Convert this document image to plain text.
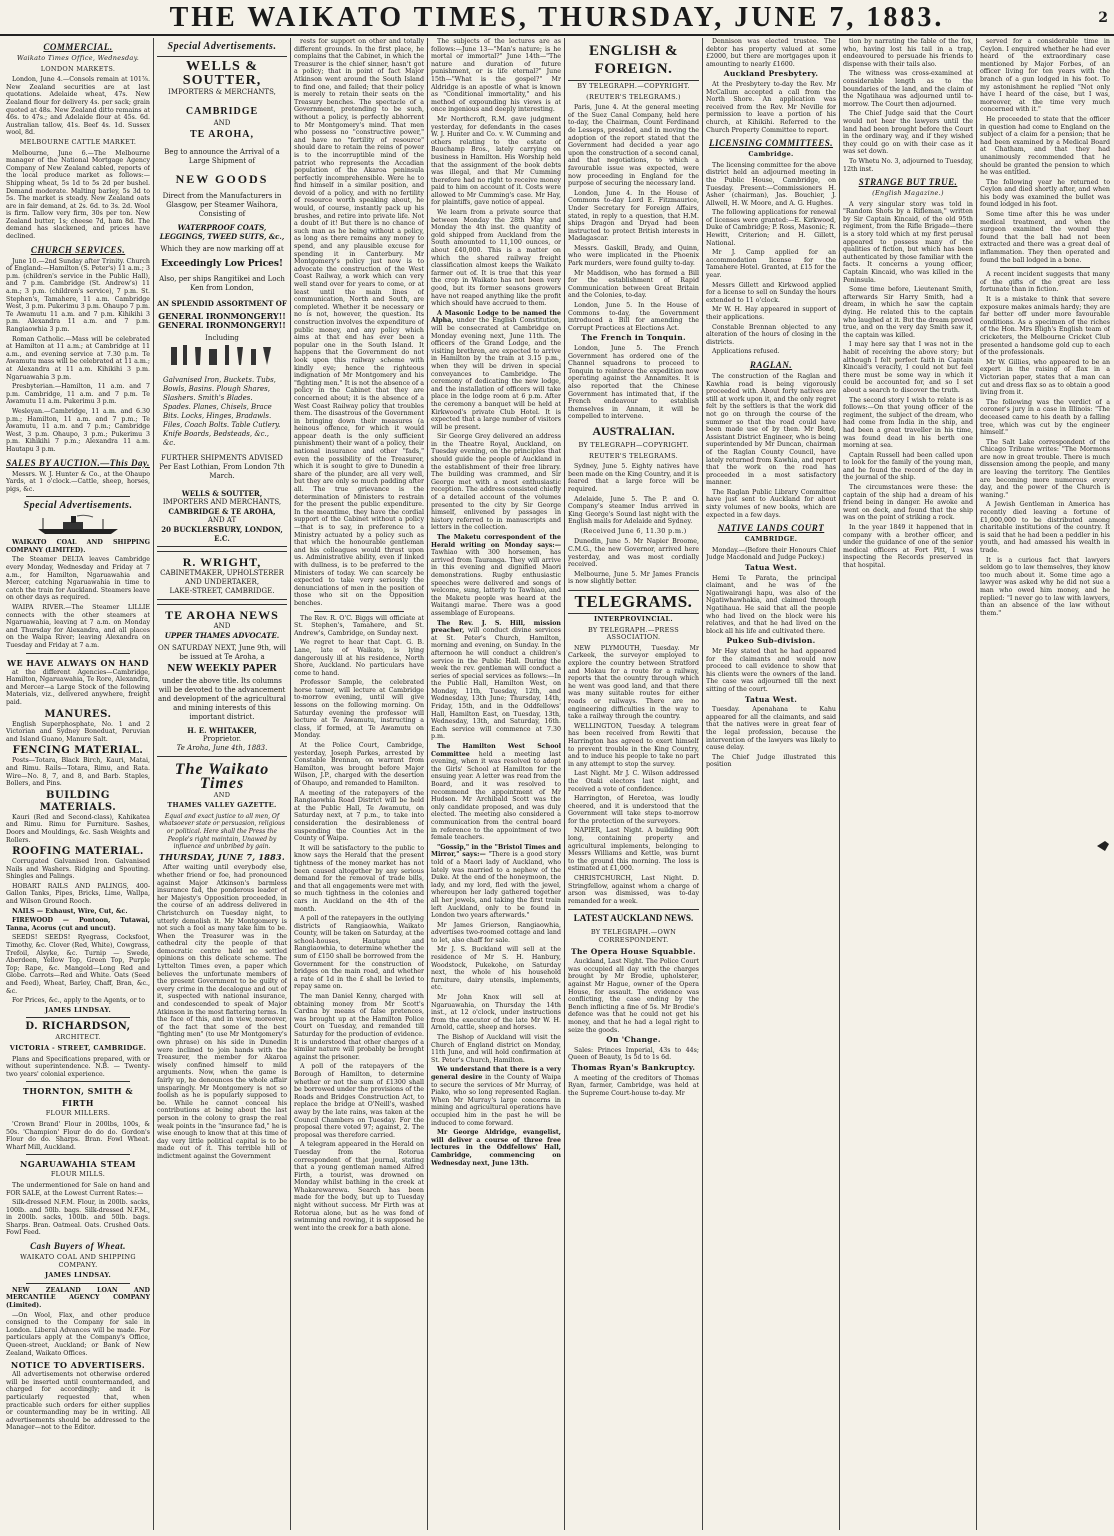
THE WAIKATO TIMES, THURSDAY, JUNE 7, 1883.	2
COMMERCIAL.
Waikato Times Office, Wednesday.
LONDON MARKETS.

London, June 4.—Consols remain at 101⅞. New Zealand securities are at last quotations. Adelaide wheat, 47s. New Zealand flour for delivery 4s. per sack; grain quoted at 48s. New Zealand ditto remains at 46s. to 47s.; and Adelaide flour at 45s. 6d. Australian tallow, 41s. Beef 4s. 1d. Sussex wool, 8d.

MELBOURNE CATTLE MARKET.

Melbourne, June 6.—The Melbourne manager of the National Mortgage Agency Company of New Zealand cabled, reports of the local produce market as follows:—Shipping wheat, 5s 1d to 5s 2d per bushel. Demand moderate. Malting barley, 5s 3d to 5s. The market is steady. New Zealand oats are in fair demand, at 2s. 6d. to 3s. 2d. Wool is firm. Tallow very firm, 30s per ton. New Zealand butter, 1s; cheese 7d, ham 8d. The demand has slackened, and prices have declined.

CHURCH SERVICES.

June 10.—2nd Sunday after Trinity. Church of England:—Hamilton (S. Peter's) 11 a.m.; 3 p.m. (children's service in the Public Hall), and 7 p.m. Cambridge (St. Andrew's) 11 a.m.; 3 p.m. (children's service), 7 p.m. St. Stephen's, Tamahere, 11 a.m. Cambridge West, 3 p.m. Pukerimu 3 p.m. Ohaupo 7 p.m. Te Awamutu 11 a.m. and 7 p.m. Kihikihi 3 p.m. Alexandra 11 a.m. and 7 p.m. Rangiaowhia 3 p.m.

Roman Catholic.—Mass will be celebrated at Hamilton at 11 a.m.; at Cambridge at 11 a.m., and evening service at 7.30 p.m. Te Awamutu mass will be celebrated at 11 a.m.; at Alexandra at 11 a.m. Kihikihi 3 p.m. Ngaruawahia 3 p.m.

Presbyterian.—Hamilton, 11 a.m. and 7 p.m. Cambridge, 11 a.m. and 7 p.m. Te Awamutu 11 a.m. Pukerimu 3 p.m.

Wesleyan.—Cambridge, 11 a.m. and 6.30 p.m.; Hamilton, 11 a.m. and 7 p.m.; Te Awamutu, 11 a.m. and 7 p.m.; Cambridge West, 3 p.m. Ohaupo, 3 p.m.; Pukerimu 3 p.m. Kihikihi 7 p.m.; Alexandra 11 a.m. Hautapu 3 p.m.

SALES BY AUCTION.—This Day.

Messrs. W. J. Hunter & Co., at the Ohaupo Yards, at 1 o'clock.—Cattle, sheep, horses, pigs, &c.

Special Advertisements.

WAIKATO COAL AND SHIPPING COMPANY (LIMITED).

The Steamer DELTA leaves Cambridge every Monday, Wednesday and Friday at 7 a.m., for Hamilton, Ngaruawahia and Mercer, catching Ngaruawahia in time to catch the train for Auckland. Steamers leave on other days as required.

WAIPA RIVER.—The Steamer LILLIE connects with the other steamers at Ngaruawahia, leaving at 7 a.m. on Monday and Thursday for Alexandra, and all places on the Waipa River; leaving Alexandra on Tuesday and Friday at 7 a.m.

WE HAVE ALWAYS ON HAND

at the different Agencies—Cambridge, Hamilton, Ngaruawahia, Te Rore, Alexandra, and Mercer—a Large Stock of the following Materials, viz., delivered anywhere, freight paid.

MANURES.

English Superphosphate, No. 1 and 2 Victorian and Sydney Boneduat, Peruvian and Island Guano, Manure Salt.

FENCING MATERIAL.

Posts—Totara, Black Birch, Kauri, Matai, and Rimu. Rails—Totara, Rimu, and Rata. Wire—No. 8, 7, and 8, and Barb. Staples, Bollers, and Pins.

BUILDING MATERIALS.

Kauri (Red and Second-class), Kahikatea and Rimu. Rimu for Furniture. Sashes, Doors and Mouldings, &c. Sash Weights and Rollers.

ROOFING MATERIAL.

Corrugated Galvanised Iron. Galvanised Nails and Washers. Ridging and Spouting. Shingles and Palings.

HOBART RAILS AND PALINGS, 400-Gallon Tanks, Pipes, Bricks, Lime, Wallpa, and Wilson Ground Rooch.

NAILS — Exhaust, Wire, Cut, &c.

FIREWOOD — Pontoon, Tutawai, Tanna, Acorus (cut and uncut).

SEEDS! SEEDS! Ryegrass, Cocksfoot, Timothy, &c. Clover (Red, White), Cowgrass, Trefoil, Alsyke, &c. Turnip — Swede, Aberdeen, Yellow Top, Green Top, Purple Top; Rape, &c. Mangold—Long Red and Globe. Carrots—Red and White. Oats (Seed and Feed), Wheat, Barley, Chaff, Bran, &c., &c.

For Prices, &c., apply to the Agents, or to

JAMES LINDSAY.
D. RICHARDSON,
ARCHITECT.
VICTORIA - STREET, CAMBRIDGE.

Plans and Specifications prepared, with or without superintendence. N.B. — Twenty-two years' colonial experience.

THORNTON, SMITH & FIRTH
FLOUR MILLERS.

'Crown Brand' Flour in 200lbs, 100s, & 50s. 'Champion' Flour do do do. Gordon's Flour do do. Sharps. Bran. Fowl Wheat. Wharf Mill, Auckland.

NGARUAWAHIA STEAM
FLOUR MILLS.

The undermentioned for Sale on hand and FOR SALE, at the Lowest Current Rates:—

Silk-dressed N.F.M. Flour, in 200lb. sacks, 100lb. and 50lb. bags. Silk-dressed N.F.M., in 200lb. sacks, 100lb. and 50lb. bags. Sharps. Bran. Oatmeal. Oats. Crushed Oats. Fowl Feed.

Cash Buyers of Wheat.
WAIKATO COAL AND SHIPPING COMPANY.
JAMES LINDSAY.

NEW ZEALAND LOAN AND MERCANTILE AGENCY COMPANY (Limited).

—On Wool, Flax, and other produce consigned to the Company for sale in London. Liberal Advances will be made. For particulars apply at the Company's Office, Queen-street, Auckland; or Bank of New Zealand, Waikato Offices.

NOTICE TO ADVERTISERS.

All advertisements not otherwise ordered will be inserted until countermanded, and charged for accordingly; and it is particularly requested that, when practicable such orders for either supplies or countermanding may be in writing. All advertisements should be addressed to the Manager—not to the Editor.

Special Advertisements.
WELLS & SOUTTER,
IMPORTERS & MERCHANTS,
CAMBRIDGE
AND
TE AROHA,
Beg to announce the Arrival of a Large Shipment of
NEW GOODS
Direct from the Manufacturers in Glasgow, per Steamer Waihora, Consisting of
WATERPROOF COATS, LEGGINGS, TWEED SUITS, &c.,
Which they are now marking off at
Exceedingly Low Prices!
Also, per ships Rangitikei and Loch Ken from London,
AN SPLENDID ASSORTMENT OF
GENERAL IRONMONGERY!! GENERAL IRONMONGERY!!
Including
Galvanised Iron, Buckets. Tubs, Bowls, Basins. Plough Shares, Slashers. Smith's Blades. Spades. Planes, Chisels, Brace Bits. Locks, Hinges, Bradawls. Files, Coach Bolts. Table Cutlery. Knife Boards, Bedsteads, &c., &c.
FURTHER SHIPMENTS ADVISED Per East Lothian, From London 7th March.
WELLS & SOUTTER,
IMPORTERS AND MERCHANTS,
CAMBRIDGE & TE AROHA,
AND AT
20 BUCKLERSBURY, LONDON, E.C.
R. WRIGHT,
CABINETMAKER, UPHOLSTERER AND UNDERTAKER,
LAKE-STREET, CAMBRIDGE.
TE AROHA NEWS
AND
UPPER THAMES ADVOCATE.
ON SATURDAY NEXT, June 9th, will be issued at Te Aroha, a
NEW WEEKLY PAPER
under the above title. Its columns will be devoted to the advancement and development of the agricultural and mining interests of this important district.
H. E. WHITAKER,
Proprietor.
Te Aroha, June 4th, 1883.
The Waikato Times
AND
THAMES VALLEY GAZETTE.

Equal and exact justice to all men, Of whatsoever state or persuasion, religious or political. Here shall the Press the People's right maintain, Unawed by influence and unbribed by gain.

THURSDAY, JUNE 7, 1883.

After waiting until everybody else, whether friend or foe, had pronounced against Major Atkinson's barmless insurance fad, the ponderous leader of her Majesty's Opposition proceeded, in the course of an address delivered in Christchurch on Tuesday night, to utterly demolish it. Mr Montgomery is not such a fool as many take him to be. When the Treasurer was in the cathedral city the people of that democratic centre held no settled opinions on this delicate scheme. The Lyttelton Times even, a paper which believes the unfortunate members of the present Government to be guilty of every crime in the decalogue and out of it, suspected with national insurance, and condescended to speak of Major Atkinson in the most flattering terms. In the face of this, and in view, moreover, of the fact that some of the best "fighting men" (to use Mr Montgomery's own phrase) on his side in Dunedin were inclined to join hands with the Treasurer, the member for Akaroa wisely confined himself to mild arguments. Now, when the game is fairly up, he denounces the whole affair unsparingly. Mr Montgomery is not so foolish as he is popularly supposed to be. While he cannot conceal his contributions at being about the last person in the colony to grasp the real weak points in the "insurance fad," he is wise enough to know that at this time of day very little political capital is to be made out of it. This terrible hill of indictment against the Government

rests for support on other and totally different grounds. In the first place, he complains that the Cabinet, in which the Treasurer is the chief sinner, hasn't got a policy; that in point of fact Major Atkinson went around the South Island to find one, and failed; that their policy is merely to retain their seats on the Treasury benches. The spectacle of a Government, pretending to be such, without a policy, is perfectly abhorrent to Mr Montgomery's mind. That men who possess no "constructive power," and have no "fertility of resource" should dare to retain the reins of power is to the incorruptible mind of the patriot who represents the Accadian population of the Akaroa peninsula perfectly incomprehensible. Were he to find himself in a similar position, and devoid of a policy, and with no fertility of resource worth speaking about, he would, of course, instantly pack up his brushes, and retire into private life. Not a doubt of it! But there is no chance of such man as he being without a policy, as long as there remains any money to spend, and any plausible excuse for spending it in Canterbury. Mr Montgomery's policy just now is to advocate the construction of the West Coast Railway, a work which can very well stand over for years to come, or at least until the main lines of communication, North and South, are completed. Whether it be necessary or no is not, however, the question. Its construction involves the expenditure of public money, and any policy which aims at that end has ever been a popular one in the South Island. It happens that the Government do not look upon this railway scheme with kindly eye; hence the righteous indignation of Mr Montgomery and his "fighting men." It is not the absence of a policy in the Cabinet that they are concerned about; it is the absence of a West Coast Railway policy that troubles them. The disastrous of the Government in bringing down their measures (a heinous offence, for which it would appear death is the only sufficient punishment) their want of a policy, their national insurance and other "fads," even the possibility of the Treasurer, which it is sought to give to Dunedin a share of the plunder, are all very well, but they are only so much padding after all. The true grievance is the determination of Ministers to restrain for the present the public expenditure. In the meantime, they have the cordial support of the Cabinet without a policy—that is to say, in preference to a Ministry actuated by a policy such as that which the honourable gentleman and his colleagues would thrust upon us. Administrative ability, even if linked with dullness, is to be preferred to the Ministers of today. We can scarcely be expected to take very seriously the denunciations of men in the position of those who sit on the Opposition benches.

The Rev. R. O'C. Biggs will officiate at St. Stephen's, Tamahere, and St. Andrew's, Cambridge, on Sunday next.

We regret to hear that Capt. G. B. Lane, late of Waikato, is lying dangerously ill at his residence, North Shore, Auckland. No particulars have come to hand.

Professor Sample, the celebrated horse tamer, will lecture at Cambridge to-morrow evening, until will give lessons on the following morning. On Saturday evening the professor will lecture at Te Awamutu, instructing a class, if formed, at Te Awamutu on Monday.

At the Police Court, Cambridge, yesterday, Joseph Parkes, arrested by Constable Brennan, on warrant from Hamilton, was brought before Major Wilson, J.P., charged with the desertion of Ohaupo, and remanded to Hamilton.

A meeting of the ratepayers of the Rangiaowhia Road District will be held at the Public Hall, Te Awamutu, on Saturday next, at 7 p.m., to take into consideration the desirableness of suspending the Counties Act in the County of Waipa.

It will be satisfactory to the public to know says the Herald that the present tightness of the money market has not been caused altogether by any serious demand for the removal of trade bills, and that all engagements were met with so much tightness in the colonies and cars in Auckland on the 4th of the month.

A poll of the ratepayers in the outlying districts of Rangiaowhia, Waikato County, will be taken on Saturday, at the school-houses, Hautapu and Rangiaowhia, to determine whether the sum of £150 shall be borrowed from the Government for the construction of bridges on the main road, and whether a rate of 1d in the £ shall be levied to repay same on.

The man Daniel Kenny, charged with obtaining money from Mr Scott's Cardna by means of false pretences, was brought up at the Hamilton Police Court on Tuesday, and remanded till Saturday for the production of evidence. It is understood that other charges of a similar nature will probably be brought against the prisoner.

A poll of the ratepayers of the Borough of Hamilton, to determine whether or not the sum of £1300 shall be borrowed under the provisions of the Roads and Bridges Construction Act, to replace the bridge at O'Neill's, washed away by the late rains, was taken at the Council Chambers on Tuesday. For the proposal there voted 97; against, 2. The proposal was therefore carried.

A telegram appeared in the Herald on Tuesday from the Rotorua correspondent of that journal, stating that a young gentleman named Alfred Firth, a tourist, was drowned on Monday whilst bathing in the creek at Whakarewarewa. Search has been made for the body, but up to Tuesday night without success. Mr Firth was at Rotorua alone, but as he was fond of swimming and rowing, it is supposed he went into the creek for a bath alone.

The subjects of the lectures are as follows:—June 13—"Man's nature; is he mortal or immortal?" June 14th—"The nature and duration of future punishment, or is life eternal?" June 15th—"What is the gospel?" Mr Aldridge is an apostle of what is known as "Conditional immortality," and his method of expounding his views is at once ingenious and deeply interesting.

Mr Northcroft, R.M. gave judgment yesterday, for defendants in the cases W. J. Hunter and Co. v. W. Cumming and others relating to the estate of Bauchamp Bros., lately carrying on business in Hamilton. His Worship held that the assignment of the book debts was illegal, and that Mr Cumming therefore had no right to receive money paid to him on account of it. Costs were allowed to Mr Cumming's case. Mr Hay, for plaintiffs, gave notice of appeal.

We learn from a private source that between Monday the 28th May and Monday the 4th inst. the quantity of gold shipped from Auckland from the South amounted to 11,100 ounces, or about £40,000. This is a matter on which the shared railway freight classification almost keeps the Waikato farmer out of. It is true that this year the crop in Waikato has not been very good, but its former seasons growers have not reaped anything like the profit which should have accrued to them.

A Masonic Lodge to be named the Alpha, under the English Constitution, will be consecrated at Cambridge on Monday evening next, June 11th. The officers of the Grand Lodge, and the visiting brethren, are expected to arrive in Hamilton by the train at 3.15 p.m., when they will be driven in special conveyances to Cambridge. The ceremony of dedicating the new lodge, and the installation of officers will take place in the lodge room at 6 p.m. After the ceremony a banquet will be held at Kirkwood's private Club Hotel. It is expected that a large number of visitors will be present.

Sir George Grey delivered an address in the Theatre Royal, Auckland, on Tuesday evening, on the principles that should guide the people of Auckland in the establishment of their free library. The building was crammed, and Sir George met with a most enthusiastic reception. The address consisted chiefly of a detailed account of the volumes presented to the city by Sir George himself, enlivened by passages in history referred to in manuscripts and letters in the collection.

The Maketu correspondent of the Herald writing on Monday says:— Tawhiao with 300 horsemen, has arrived from Tauranga. They will arrive in this evening and dignified Maori demonstrations. Rugby enthusiastic speeches were delivered and songs of welcome, sung, latterly to Tawhiao, and the Maketu people was heard at the Waitangi marae. There was a good assemblage of Europeans.

The Rev. J. S. Hill, mission preacher, will conduct divine services at St. Peter's Church, Hamilton, morning and evening, on Sunday. In the afternoon he will conduct a children's service in the Public Hall. During the week the rev. gentleman will conduct a series of special services as follows:—In the Public Hall, Hamilton West, on Monday, 11th, Tuesday, 12th, and Wednesday, 13th June; Thursday, 14th, Friday, 15th, and in the Oddfellows' Hall, Hamilton East, on Tuesday, 13th, Wednesday, 13th, and Saturday, 16th. Each service will commence at 7.30 p.m.

The Hamilton West School Committee held a meeting last evening, when it was resolved to adopt the Girls' School at Hamilton for the ensuing year. A letter was read from the Board, and it was resolved to recommend the appointment of Mr Hudson. Mr Archibald Scott was the only candidate proposed, and was duly elected. The meeting also considered a communication from the central board in reference to the appointment of two female teachers.

"Gossip," in the "Bristol Times and Mirror," says:— "There is a good story told of a Maori lady of Auckland, who lately was married to a nephew of the Duke. At the end of the honeymoon, the lady, and my lord, fled with the jewel, whereupon her lady gathered together all her jewels, and taking the first train left Auckland, only to be found in London two years afterwards."

Mr James Grierson, Rangiaowhia, advertises two-roomed cottage and land to let, also chaff for sale.

Mr J. S. Buckland will sell at the residence of Mr S. H. Hanbury, Woodstock, Pukekohe, on Saturday next, the whole of his household furniture, dairy utensils, implements, etc.

Mr John Knox will sell at Ngaruawahia, on Thursday the 14th inst., at 12 o'clock, under instructions from the executor of the late Mr W. H. Arnold, cattle, sheep and horses.

The Bishop of Auckland will visit the Church of England district on Monday, 11th June, and will hold confirmation at St. Peter's Church, Hamilton.

We understand that there is a very general desire in the County of Waipa to secure the services of Mr Murray, of Piako, who so long represented Raglan. When Mr Murray's large concerns in mining and agricultural operations have occupied him in the past he will be induced to come forward.

Mr George Aldridge, evangelist, will deliver a course of three free lectures in the Oddfellows' Hall, Cambridge, commencing on Wednesday next, June 13th.

ENGLISH & FOREIGN.
BY TELEGRAPH.—COPYRIGHT.
(REUTER'S TELEGRAMS.)

Paris, June 4. At the general meeting of the Suez Canal Company, held here to-day, the Chairman, Count Ferdinand de Lesseps, presided, and in moving the adoption of the report stated that the Government had decided a year ago upon the construction of a second canal, and that negotiations, to which a favourable issue was expected, were now proceeding in England for the purpose of securing the necessary land.

London, June 4. In the House of Commons to-day Lord E. Fitzmaurice, Under Secretary for Foreign Affairs, stated, in reply to a question, that H.M. ships Dragon and Dryad had been instructed to protect British interests in Madagascar.

Messrs. Gaskill, Brady, and Quinn, who were implicated in the Phoenix Park murders, were found guilty to-day.

Mr Maddison, who has formed a Bill for the establishment of Rapid Communication between Great Britain and the Colonies, to-day.

London, June 5. In the House of Commons to-day, the Government introduced a Bill for amending the Corrupt Practices at Elections Act.

The French in Tonquin.

London, June 5. The French Government has ordered one of the Channel squadrons to proceed to Tonquin to reinforce the expedition now operating against the Annamites. It is also reported that the Chinese Government has intimated that, if the French endeavour to establish themselves in Annam, it will be compelled to intervene.

AUSTRALIAN.
BY TELEGRAPH—COPYRIGHT.
REUTER'S TELEGRAMS.

Sydney, June 5. Eighty natives have been made on the King Country, and it is feared that a large force will be required.

Adelaide, June 5. The P. and O. Company's steamer Indus arrived in King George's Sound last night with the English mails for Adelaide and Sydney.

(Received June 6, 11.30 p.m.)

Dunedin, June 5. Mr Napier Broome, C.M.G., the new Governor, arrived here yesterday, and was most cordially received.

Melbourne, June 5. Mr James Francis is now slightly better.

TELEGRAMS.
INTERPROVINCIAL.
BY TELEGRAPH.—PRESS ASSOCIATION.

NEW PLYMOUTH, Tuesday. Mr Carkeek, the surveyor employed to explore the country between Stratford and Mokau for a route for a railway, reports that the country through which he went was good land, and that there was many suitable routes for either roads or railways. There are no engineering difficulties in the way to take a railway through the country.

WELLINGTON, Tuesday. A telegram has been received from Rewiti that Harrington has agreed to exert himself to prevent trouble in the King Country, and to induce his people to take no part in any attempt to stop the survey.

Last Night. Mr J. C. Wilson addressed the Otaki electors last night, and received a vote of confidence.

Harrington, of Heretoa, was loudly cheered, and it is understood that the Government will take steps to-morrow for the protection of the surveyors.

NAPIER, Last Night. A building 90ft long, containing property and agricultural implements, belonging to Messrs Williams and Kettle, was burnt to the ground this morning. The loss is estimated at £1,000.

CHRISTCHURCH, Last Night. D. Stringfellow, against whom a charge of arson was dismissed, was to-day remanded for a week.

LATEST AUCKLAND NEWS.
BY TELEGRAPH.—OWN CORRESPONDENT.
The Opera House Squabble.

Auckland, Last Night. The Police Court was occupied all day with the charges brought by Mr Brodie, upholsterer, against Mr Hague, owner of the Opera House, for assault. The evidence was conflicting, the case ending by the Bench inflicting a fine of 5s. Mr Brodie's defence was that he could not get his money, and that he had a legal right to seize the goods.

On 'Change.

Sales: Princes Imperial, 43s to 44s; Queen of Beauty, 1s 5d to 1s 6d.

Thomas Ryan's Bankruptcy.

A meeting of the creditors of Thomas Ryan, farmer, Cambridge, was held at the Supreme Court-house to-day. Mr

Dennison was elected trustee. The debtor has property valued at some £2000, but there are mortgages upon it amounting to nearly £1600.

Auckland Presbytery.

At the Presbytery to-day the Rev. Mr McCallum accepted a call from the North Shore. An application was received from the Rev. Mr Neville for permission to leave a portion of his church, at Kihikihi. Referred to the Church Property Committee to report.

LICENSING COMMITTEES.
Cambridge.

The licensing committee for the above district held an adjourned meeting in the Public House, Cambridge, on Tuesday. Present:—Commissioners H. Asher (chairman), Jas. Bouchier, J. Allwell, H. W. Moore, and A. G. Hughes.

The following applications for renewal of licenses were granted:—E. Kirkwood, Duke of Cambridge; P. Ross, Masonic; R. Hewitt, Criterion; and H. Gillett, National.

Mr J. Camp applied for an accommodation license for the Tamahere Hotel. Granted, at £15 for the year.

Messrs Gillett and Kirkwood applied for a license to sell on Sunday the hours extended to 11 o'clock.

Mr W. H. Hay appeared in support of their applications.

Constable Brennan objected to any alteration of the hours of closing in the districts.

Applications refused.

RAGLAN.

The construction of the Raglan and Kawhia road is being vigorously proceeded with. About forty natives are still at work upon it, and the only regret felt by the settlers is that the work did not go on through the course of the summer so that the road could have been made use of by then. Mr Bond, Assistant District Engineer, who is being superintended by Mr Duncan, chairman of the Raglan County Council, have lately returned from Kawhia, and report that the work on the road has proceeded in a most satisfactory manner.

The Raglan Public Library Committee have just sent to Auckland for about sixty volumes of new books, which are expected in a few days.

NATIVE LANDS COURT
CAMBRIDGE.

Monday.—(Before their Honours Chief Judge Macdonald and Judge Puckey.)

Tatua West.

Hemi Te Parata, the principal claimant, and he was of the Ngatiwairangi hapu, was also of the Ngatiwhawhakia, and claimed through Ngatihaua. He said that all the people who had lived on the block were his relatives, and that he had lived on the block all his life and cultivated there.

Pukeo Sub-division.

Mr Hay stated that he had appeared for the claimants and would now proceed to call evidence to show that his clients were the owners of the land. The case was adjourned till the next sitting of the court.

Tatua West.

Tuesday. Apenahana te Kahu appeared for all the claimants, and said that the natives were in great fear of the legal profession, because the intervention of the lawyers was likely to cause delay.

The Chief Judge illustrated this position

tion by narrating the fable of the fox, who, having lost his tail in a trap, endeavoured to persuade his friends to dispense with their tails also.

The witness was cross-examined at considerable length as to the boundaries of the land, and the claim of the Ngatihaua was adjourned until to-morrow. The Court then adjourned.

The Chief Judge said that the Court would not hear the lawyers until the land had been brought before the Court in the ordinary way, and if they wished they could go on with their case as it was set down.

To Whetu No. 3, adjourned to Tuesday, 12th inst.

STRANGE BUT TRUE.
(English Magazine.)

A very singular story was told in "Random Shots by a Rifleman," written by Sir Captain Kincaid, of the old 95th regiment, from the Rifle Brigade—there is a story told which at my first perusal appeared to possess many of the qualities of fiction, but which has been authenticated by those familiar with the facts. It concerns a young officer, Captain Kincaid, who was killed in the Peninsula.

Some time before, Lieutenant Smith, afterwards Sir Harry Smith, had a dream, in which he saw the captain dying. He related this to the captain who laughed at it. But the dream proved true, and on the very day Smith saw it, the captain was killed.

I may here say that I was not in the habit of receiving the above story; but although I felt perfect faith in Captain Kincaid's veracity, I could not but feel there must be some way in which it could be accounted for, and so I set about a search to discover the truth.

The second story I wish to relate is as follows:—On that young officer of the regiment, the subject of the dream, who had come from India in the ship, and had been a great traveller in his time, was found dead in his berth one morning at sea.

Captain Russell had been called upon to look for the family of the young man, and he found the record of the day in the journal of the ship.

The circumstances were these: the captain of the ship had a dream of his friend being in danger. He awoke and went on deck, and found that the ship was on the point of striking a rock.

In the year 1849 it happened that in company with a brother officer, and under the guidance of one of the senior medical officers at Fort Pitt, I was inspecting the Records preserved in that hospital.

served for a considerable time in Ceylon. I enquired whether he had ever heard of the extraordinary case mentioned by Major Forbes, of an officer living for ten years with the branch of a gun lodged in his foot. To my astonishment he replied "Not only have I heard of the case, but I was, moreover, at the time very much concerned with it."

He proceeded to state that the officer in question had come to England on the subject of a claim for a pension; that he had been examined by a Medical Board at Chatham, and that they had unanimously recommended that he should be granted the pension to which he was entitled.

The following year he returned to Ceylon and died shortly after, and when his body was examined the bullet was found lodged in his foot.

Some time after this he was under medical treatment, and when the surgeon examined the wound they found that the ball had not been extracted and there was a great deal of inflammation. They then operated and found the ball lodged in a bone.

A recent incident suggests that many of the gifts of the great are less fortunate than in fiction.

It is a mistake to think that severe exposure makes animals hardy; they are far better off under more favourable conditions. As a specimen of the riches of the Hon. Mrs Bligh's English team of cricketers, the Melbourne Cricket Club presented a handsome gold cup to each of the professionals.

Mr W. Gillies, who appeared to be an expert in the raising of flax in a Victorian paper, states that a man can cut and dress flax so as to obtain a good living from it.

The following was the verdict of a coroner's jury in a case in Illinois: "The deceased came to his death by a falling tree, which was cut by the engineer himself."

The Salt Lake correspondent of the Chicago Tribune writes: "The Mormons are now in great trouble. There is much dissension among the people, and many are leaving the territory. The Gentiles are becoming more numerous every day, and the power of the Church is waning."

A Jewish Gentleman in America has recently died leaving a fortune of £1,000,000 to be distributed among charitable institutions of the country. It is said that he had been a peddler in his youth, and had amassed his wealth in trade.

It is a curious fact that lawyers seldom go to law themselves, they know too much about it. Some time ago a lawyer was asked why he did not sue a man who owed him money, and he replied: "I never go to law with lawyers, than an absence of the law without them."
